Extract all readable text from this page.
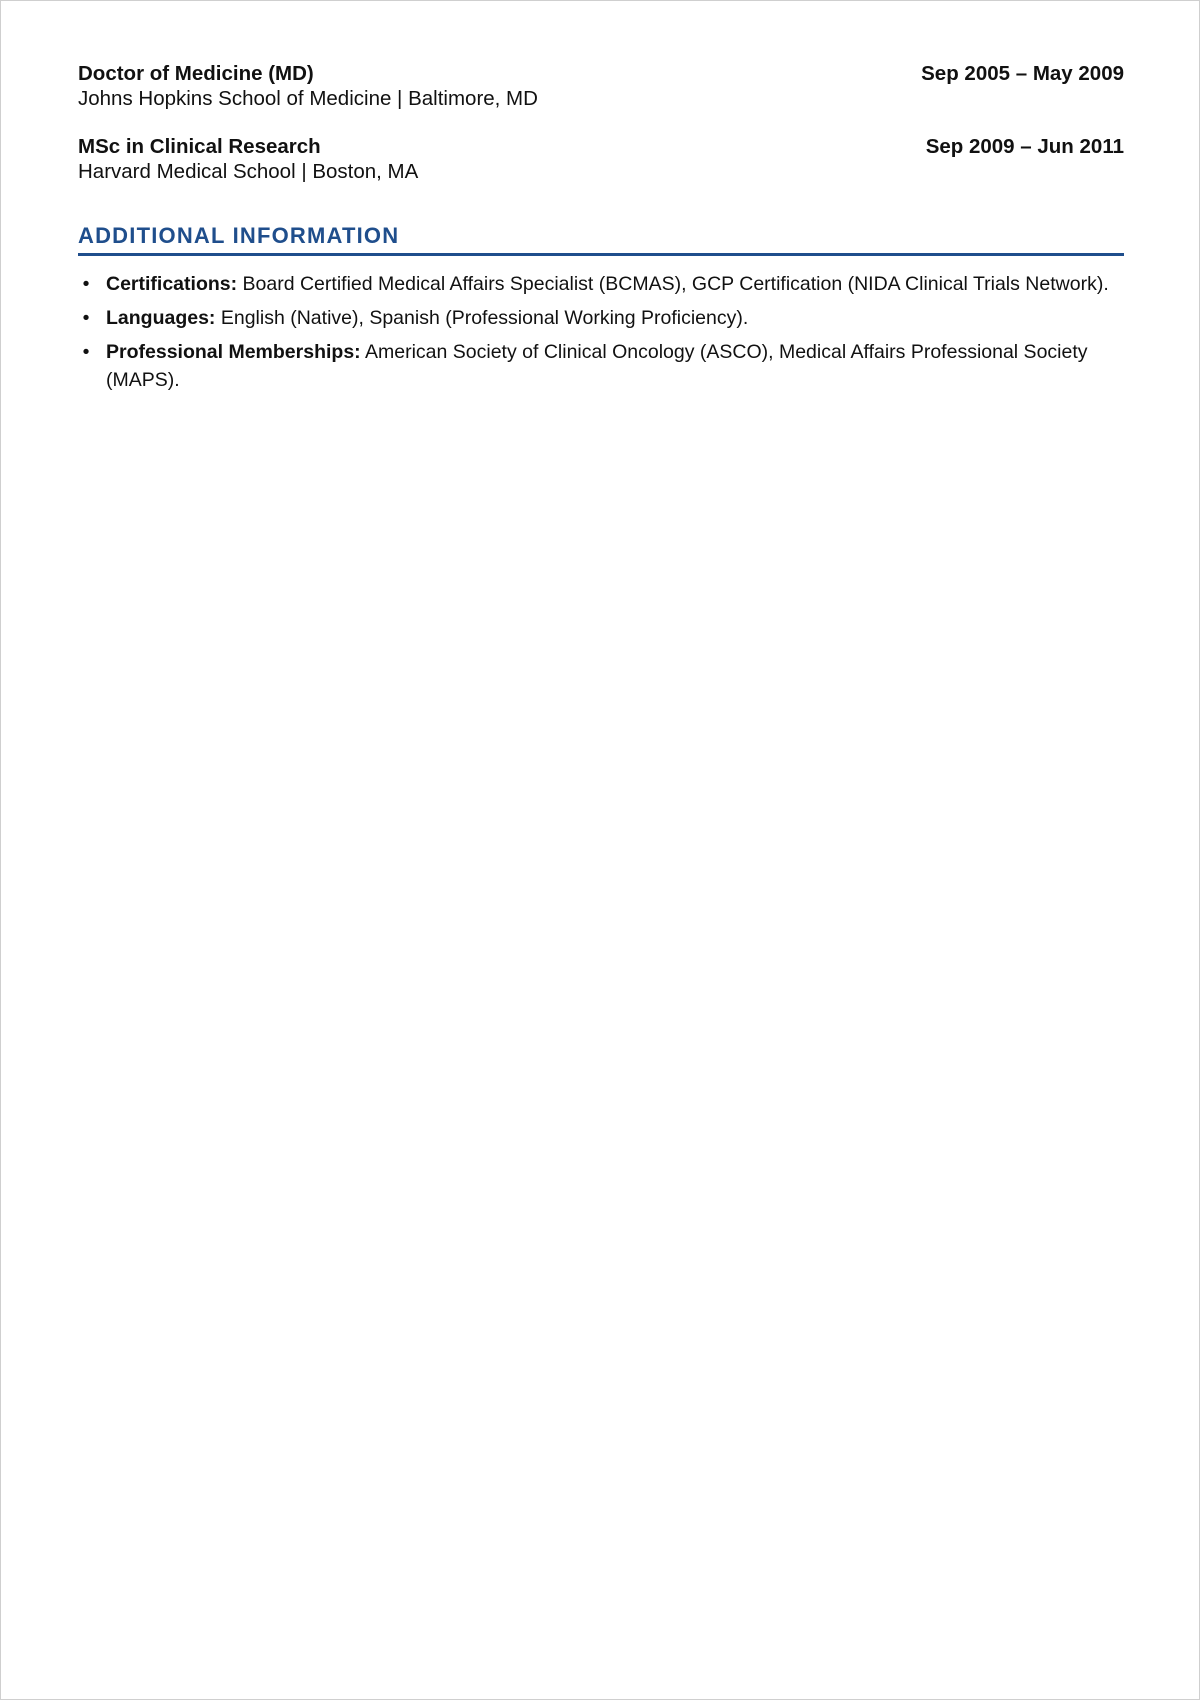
Doctor of Medicine (MD)	Sep 2005 – May 2009
Johns Hopkins School of Medicine | Baltimore, MD
MSc in Clinical Research	Sep 2009 – Jun 2011
Harvard Medical School | Boston, MA
ADDITIONAL INFORMATION
• Certifications: Board Certified Medical Affairs Specialist (BCMAS), GCP Certification (NIDA Clinical Trials Network).
• Languages: English (Native), Spanish (Professional Working Proficiency).
• Professional Memberships: American Society of Clinical Oncology (ASCO), Medical Affairs Professional Society (MAPS).
